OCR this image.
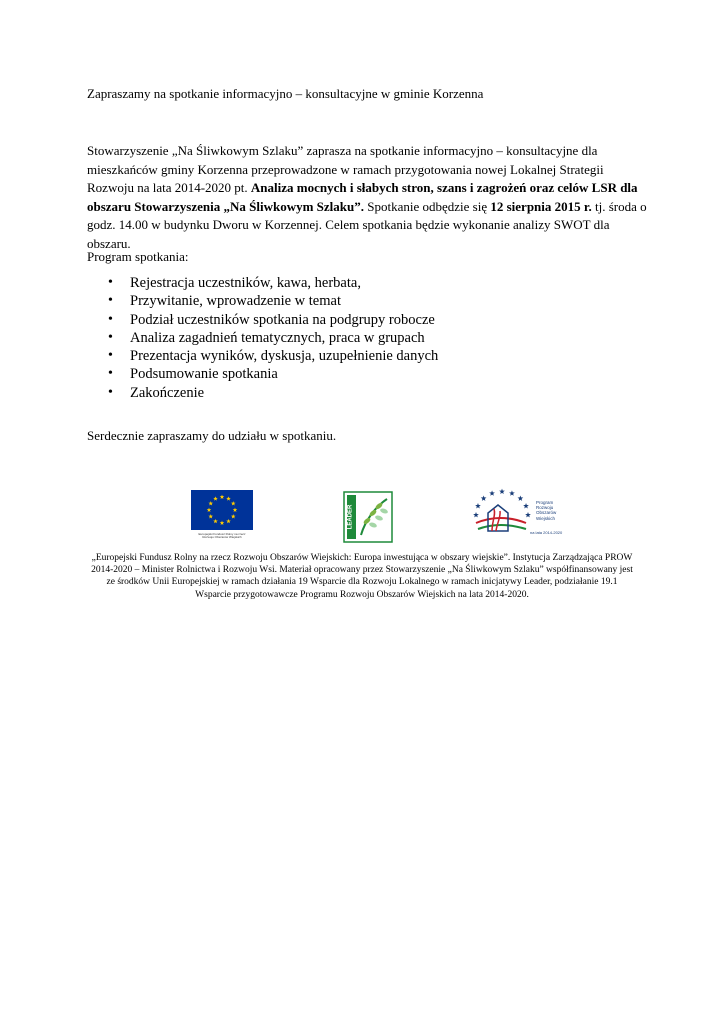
Zapraszamy na spotkanie informacyjno – konsultacyjne w gminie Korzenna
Stowarzyszenie „Na Śliwkowym Szlaku” zaprasza na spotkanie informacyjno – konsultacyjne dla mieszkańców gminy Korzenna przeprowadzone w ramach przygotowania nowej Lokalnej Strategii Rozwoju na lata 2014-2020 pt. Analiza mocnych i słabych stron, szans i zagrożeń oraz celów LSR dla obszaru Stowarzyszenia „Na Śliwkowym Szlaku”. Spotkanie odbędzie się 12 sierpnia 2015 r. tj. środa o godz. 14.00 w budynku Dworu w Korzennej. Celem spotkania będzie wykonanie analizy SWOT dla obszaru.
Program spotkania:
• Rejestracja uczestników, kawa, herbata,
• Przywitanie, wprowadzenie w temat
• Podział uczestników spotkania na podgrupy robocze
• Analiza zagadnień tematycznych, praca w grupach
• Prezentacja wyników, dyskusja, uzupełnienie danych
• Podsumowanie spotkania
• Zakończenie
Serdecznie zapraszamy do udziału w spotkaniu.
Europejski Fundusz Rolny na rzecz Rozwoju Obszarów Wiejskich
LEADER
Program
Rozwoju
Obszarów
Wiejskich
na lata 2014-2020
„Europejski Fundusz Rolny na rzecz Rozwoju Obszarów Wiejskich: Europa inwestująca w obszary wiejskie”. Instytucja Zarządzająca PROW 2014-2020 – Minister Rolnictwa i Rozwoju Wsi. Materiał opracowany przez Stowarzyszenie „Na Śliwkowym Szlaku” współfinansowany jest ze środków Unii Europejskiej w ramach działania 19 Wsparcie dla Rozwoju Lokalnego w ramach inicjatywy Leader, podziałanie 19.1 Wsparcie przygotowawcze Programu Rozwoju Obszarów Wiejskich na lata 2014-2020.
